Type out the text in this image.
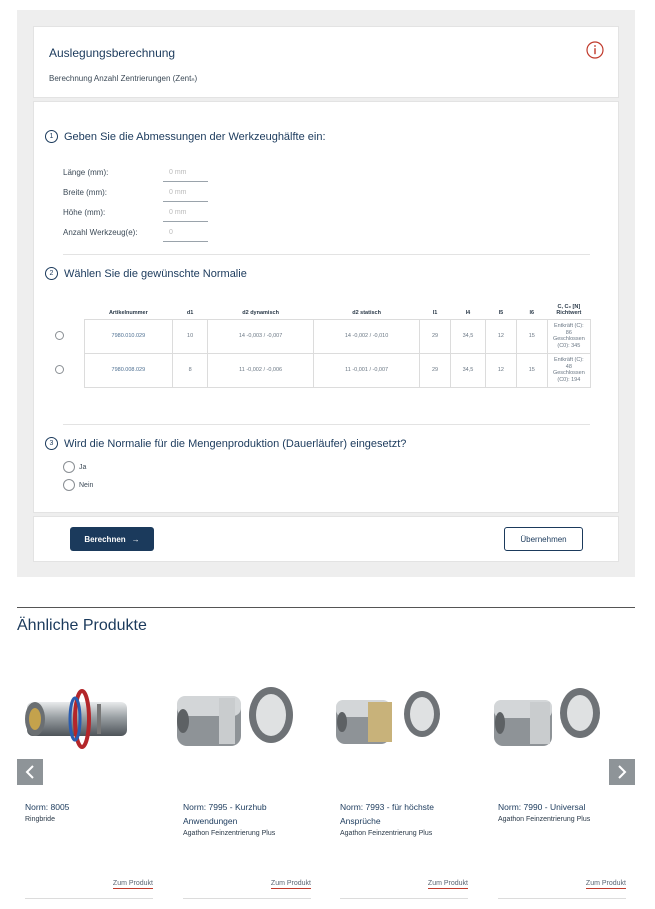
Auslegungsberechnung
Berechnung Anzahl Zentrierungen (Zentₙ)
1 Geben Sie die Abmessungen der Werkzeughälfte ein:
Länge (mm):
0 mm
Breite (mm):
0 mm
Höhe (mm):
0 mm
Anzahl Werkzeug(e):
0
2 Wählen Sie die gewünschte Normalie
	Artikelnummer	d1	d2 dynamisch	d2 statisch	l1	l4	l5	l6	C, C₀ [N]
Richtwert

	7980.010.029	10	14 -0,003 / -0,007	14 -0,002 / -0,010	29	34,5	12	15	Entkräft (C):
86
Geschlossen
(C0): 345

	7980.008.029	8	11 -0,002 / -0,006	11 -0,001 / -0,007	29	34,5	12	15	Entkräft (C):
48
Geschlossen
(C0): 194
3 Wird die Normalie für die Mengenproduktion (Dauerläufer) eingesetzt?
Ja
Nein
Berechnen →	Übernehmen
Ähnliche Produkte
Norm: 8005
Ringbride
Zum Produkt
Norm: 7995 - Kurzhub Anwendungen
Agathon Feinzentrierung Plus
Zum Produkt
Norm: 7993 - für höchste Ansprüche
Agathon Feinzentrierung Plus
Zum Produkt
Norm: 7990 - Universal
Agathon Feinzentrierung Plus
Zum Produkt
